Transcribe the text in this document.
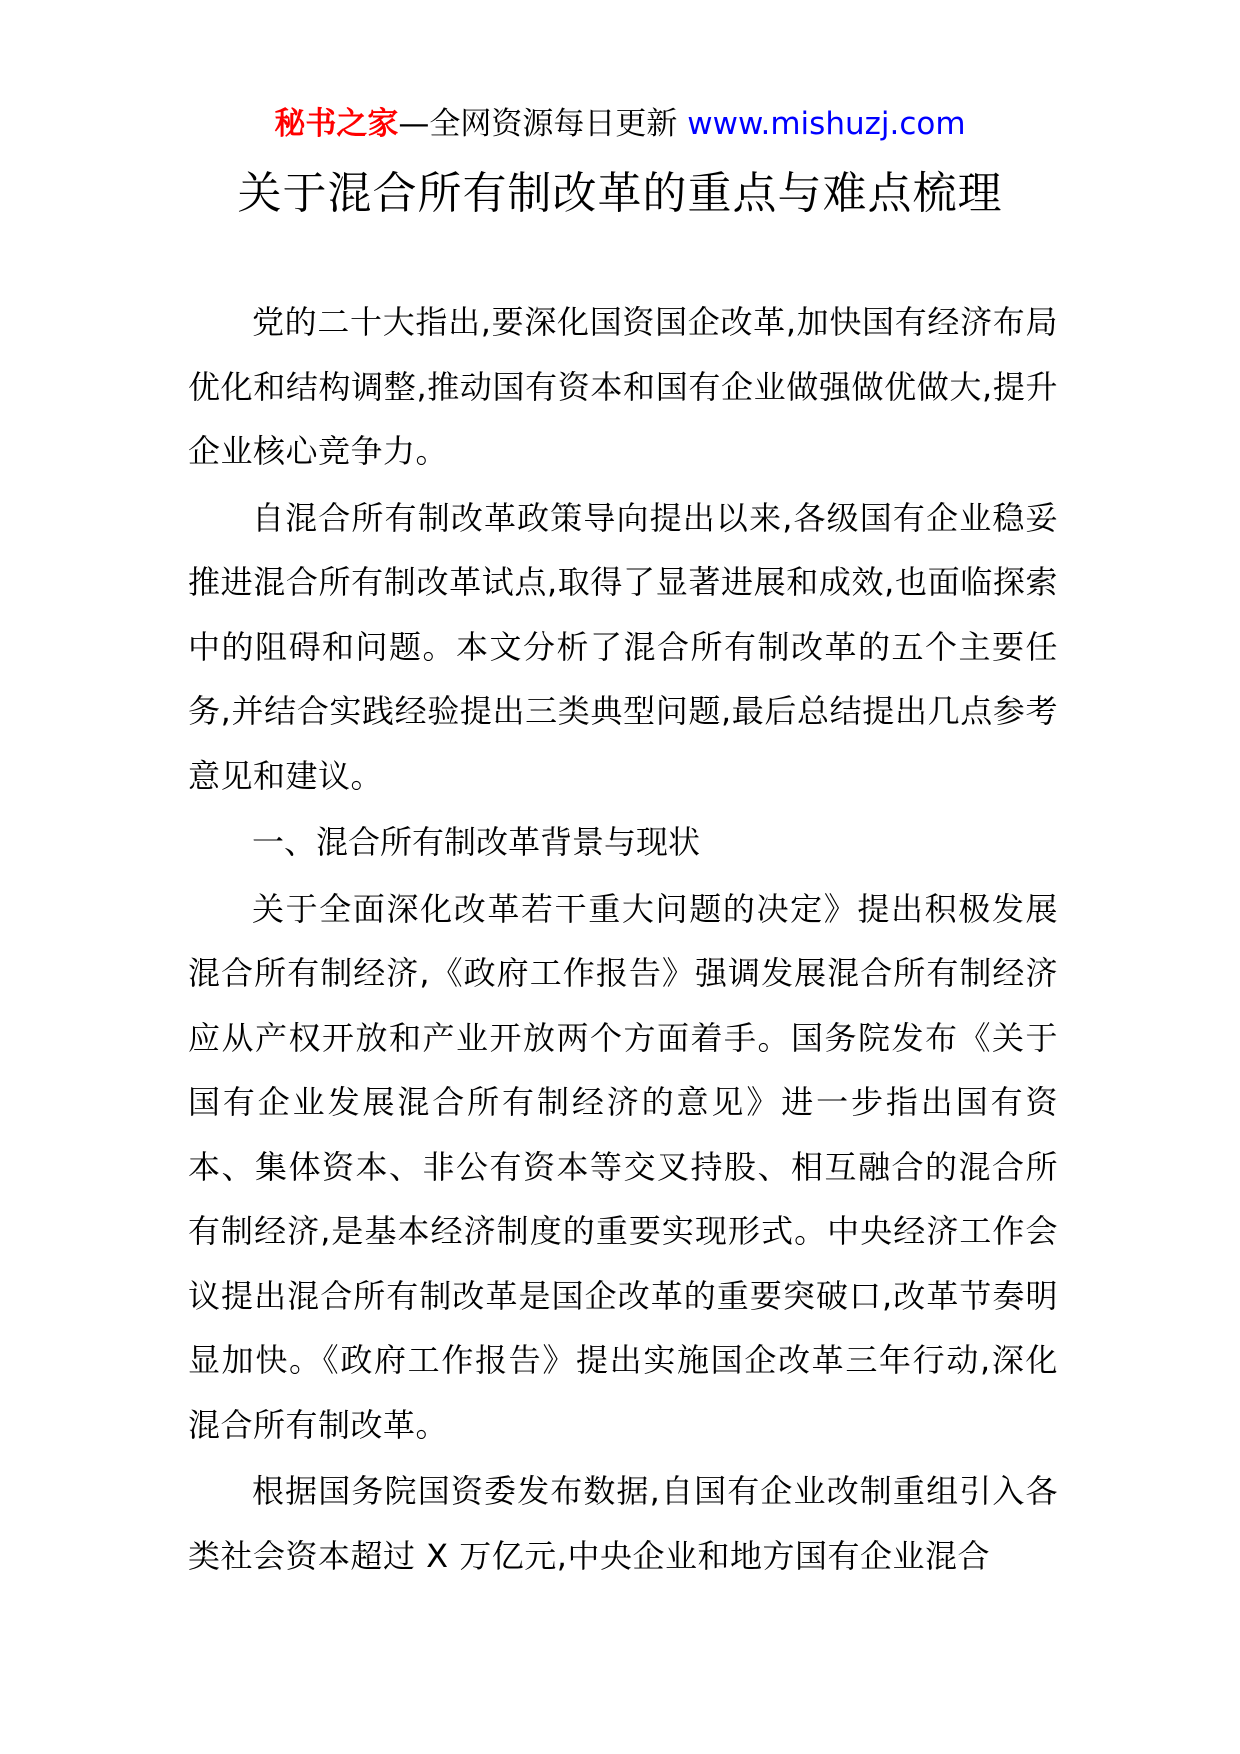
秘书之家—全网资源每日更新 www.mishuzj.com
关于混合所有制改革的重点与难点梳理

党的二十大指出,要深化国资国企改革,加快国有经济布局优化和结构调整,推动国有资本和国有企业做强做优做大,提升企业核心竞争力。

自混合所有制改革政策导向提出以来,各级国有企业稳妥推进混合所有制改革试点,取得了显著进展和成效,也面临探索中的阻碍和问题。本文分析了混合所有制改革的五个主要任务,并结合实践经验提出三类典型问题,最后总结提出几点参考意见和建议。

一、混合所有制改革背景与现状

关于全面深化改革若干重大问题的决定》提出积极发展混合所有制经济,《政府工作报告》强调发展混合所有制经济应从产权开放和产业开放两个方面着手。国务院发布《关于国有企业发展混合所有制经济的意见》进一步指出国有资本、集体资本、非公有资本等交叉持股、相互融合的混合所有制经济,是基本经济制度的重要实现形式。中央经济工作会议提出混合所有制改革是国企改革的重要突破口,改革节奏明显加快。《政府工作报告》提出实施国企改革三年行动,深化混合所有制改革。

根据国务院国资委发布数据,自国有企业改制重组引入各类社会资本超过 X 万亿元,中央企业和地方国有企业混合
